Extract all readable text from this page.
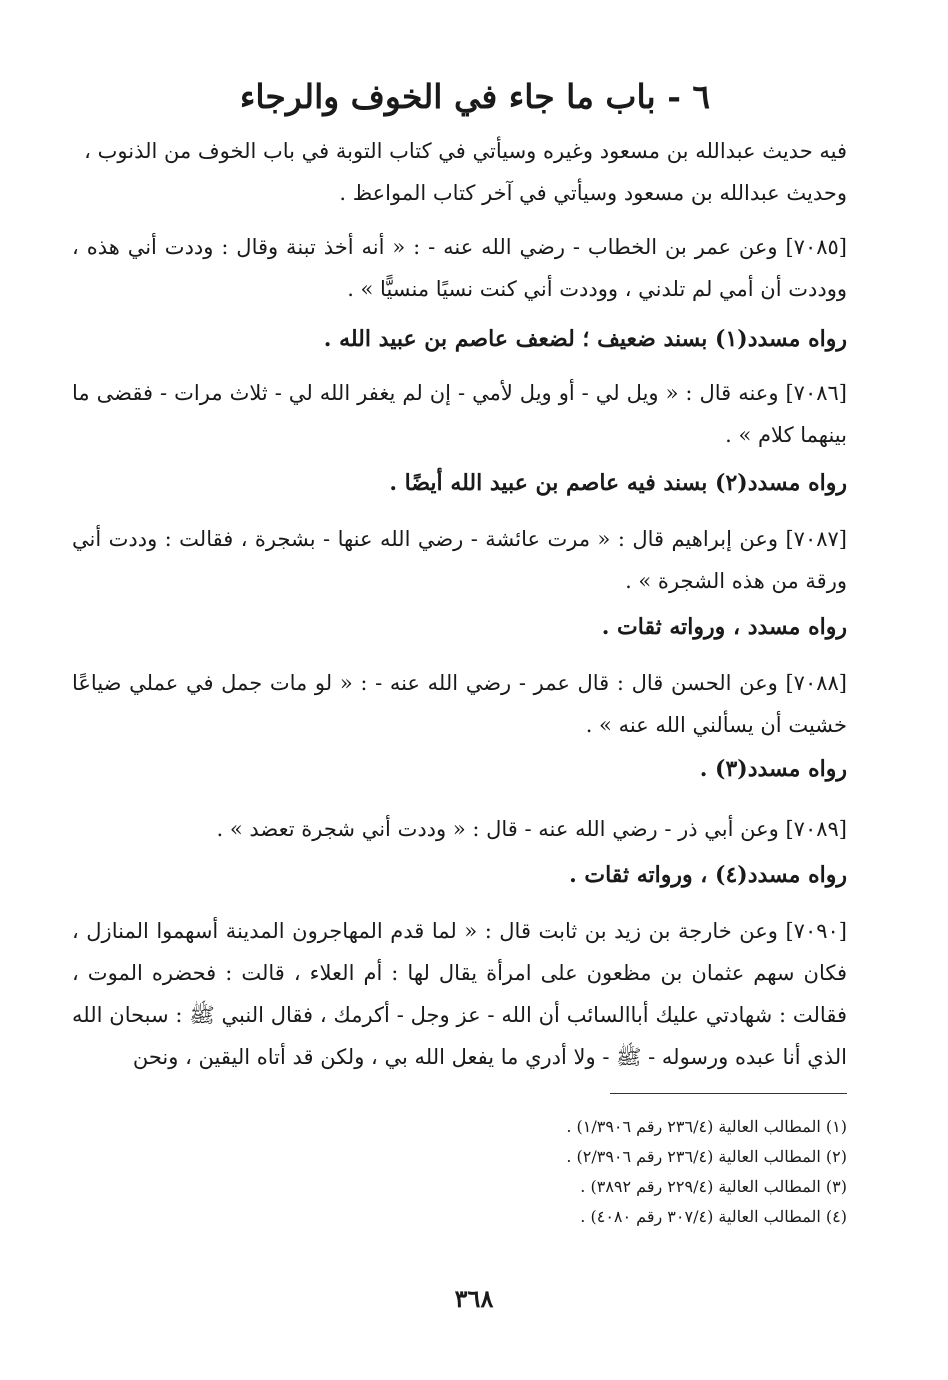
٦ - باب ما جاء في الخوف والرجاء
فيه حديث عبدالله بن مسعود وغيره وسيأتي في كتاب التوبة في باب الخوف من الذنوب ،
وحديث عبدالله بن مسعود وسيأتي في آخر كتاب المواعظ .
[٧٠٨٥] وعن عمر بن الخطاب - رضي الله عنه - : « أنه أخذ تبنة وقال : وددت أني هذه ، ووددت أن أمي لم تلدني ، ووددت أني كنت نسيًا منسيًّا » .
رواه مسدد(١) بسند ضعيف ؛ لضعف عاصم بن عبيد الله .
[٧٠٨٦] وعنه قال : « ويل لي - أو ويل لأمي - إن لم يغفر الله لي - ثلاث مرات - فقضى ما بينهما كلام » .
رواه مسدد(٢) بسند فيه عاصم بن عبيد الله أيضًا .
[٧٠٨٧] وعن إبراهيم قال : « مرت عائشة - رضي الله عنها - بشجرة ، فقالت : وددت أني ورقة من هذه الشجرة » .
رواه مسدد ، ورواته ثقات .
[٧٠٨٨] وعن الحسن قال : قال عمر - رضي الله عنه - : « لو مات جمل في عملي ضياعًا خشيت أن يسألني الله عنه » .
رواه مسدد(٣) .
[٧٠٨٩] وعن أبي ذر - رضي الله عنه - قال : « وددت أني شجرة تعضد » .
رواه مسدد(٤) ، ورواته ثقات .
[٧٠٩٠] وعن خارجة بن زيد بن ثابت قال : « لما قدم المهاجرون المدينة أسهموا المنازل ، فكان سهم عثمان بن مظعون على امرأة يقال لها : أم العلاء ، قالت : فحضره الموت ، فقالت : شهادتي عليك أباالسائب أن الله - عز وجل - أكرمك ، فقال النبي ﷺ : سبحان الله الذي أنا عبده ورسوله - ﷺ - ولا أدري ما يفعل الله بي ، ولكن قد أتاه اليقين ، ونحن
(١) المطالب العالية (٢٣٦/٤ رقم ١/٣٩٠٦) .
(٢) المطالب العالية (٢٣٦/٤ رقم ٢/٣٩٠٦) .
(٣) المطالب العالية (٢٢٩/٤ رقم ٣٨٩٢) .
(٤) المطالب العالية (٣٠٧/٤ رقم ٤٠٨٠) .
٣٦٨
